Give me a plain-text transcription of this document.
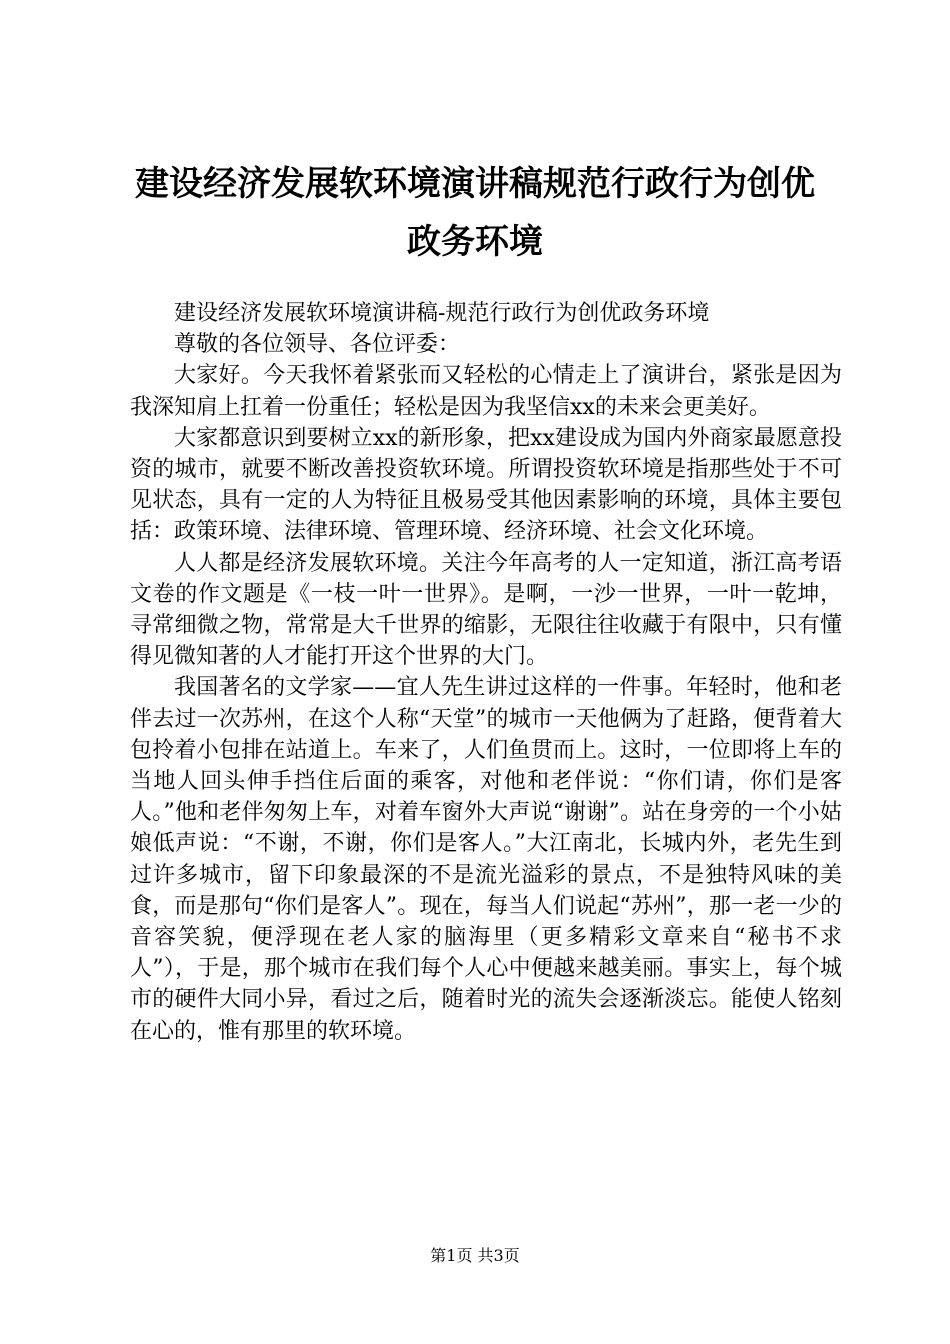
建设经济发展软环境演讲稿规范行政行为创优
政务环境

建设经济发展软环境演讲稿-规范行政行为创优政务环境

尊敬的各位领导、各位评委：

大家好。今天我怀着紧张而又轻松的心情走上了演讲台，紧张是因为我深知肩上扛着一份重任；轻松是因为我坚信xx的未来会更美好。

大家都意识到要树立xx的新形象，把xx建设成为国内外商家最愿意投资的城市，就要不断改善投资软环境。所谓投资软环境是指那些处于不可见状态，具有一定的人为特征且极易受其他因素影响的环境，具体主要包括：政策环境、法律环境、管理环境、经济环境、社会文化环境。

人人都是经济发展软环境。关注今年高考的人一定知道，浙江高考语文卷的作文题是《一枝一叶一世界》。是啊，一沙一世界，一叶一乾坤，寻常细微之物，常常是大千世界的缩影，无限往往收藏于有限中，只有懂得见微知著的人才能打开这个世界的大门。

我国著名的文学家——宜人先生讲过这样的一件事。年轻时，他和老伴去过一次苏州，在这个人称“天堂”的城市一天他俩为了赶路，便背着大包拎着小包排在站道上。车来了，人们鱼贯而上。这时，一位即将上车的当地人回头伸手挡住后面的乘客，对他和老伴说：“你们请，你们是客人。”他和老伴匆匆上车，对着车窗外大声说“谢谢”。站在身旁的一个小姑娘低声说：“不谢，不谢，你们是客人。”大江南北，长城内外，老先生到过许多城市，留下印象最深的不是流光溢彩的景点，不是独特风味的美食，而是那句“你们是客人”。现在，每当人们说起“苏州”，那一老一少的音容笑貌，便浮现在老人家的脑海里（更多精彩文章来自“秘书不求人”），于是，那个城市在我们每个人心中便越来越美丽。事实上，每个城市的硬件大同小异，看过之后，随着时光的流失会逐渐淡忘。能使人铭刻在心的，惟有那里的软环境。

第1页 共3页
